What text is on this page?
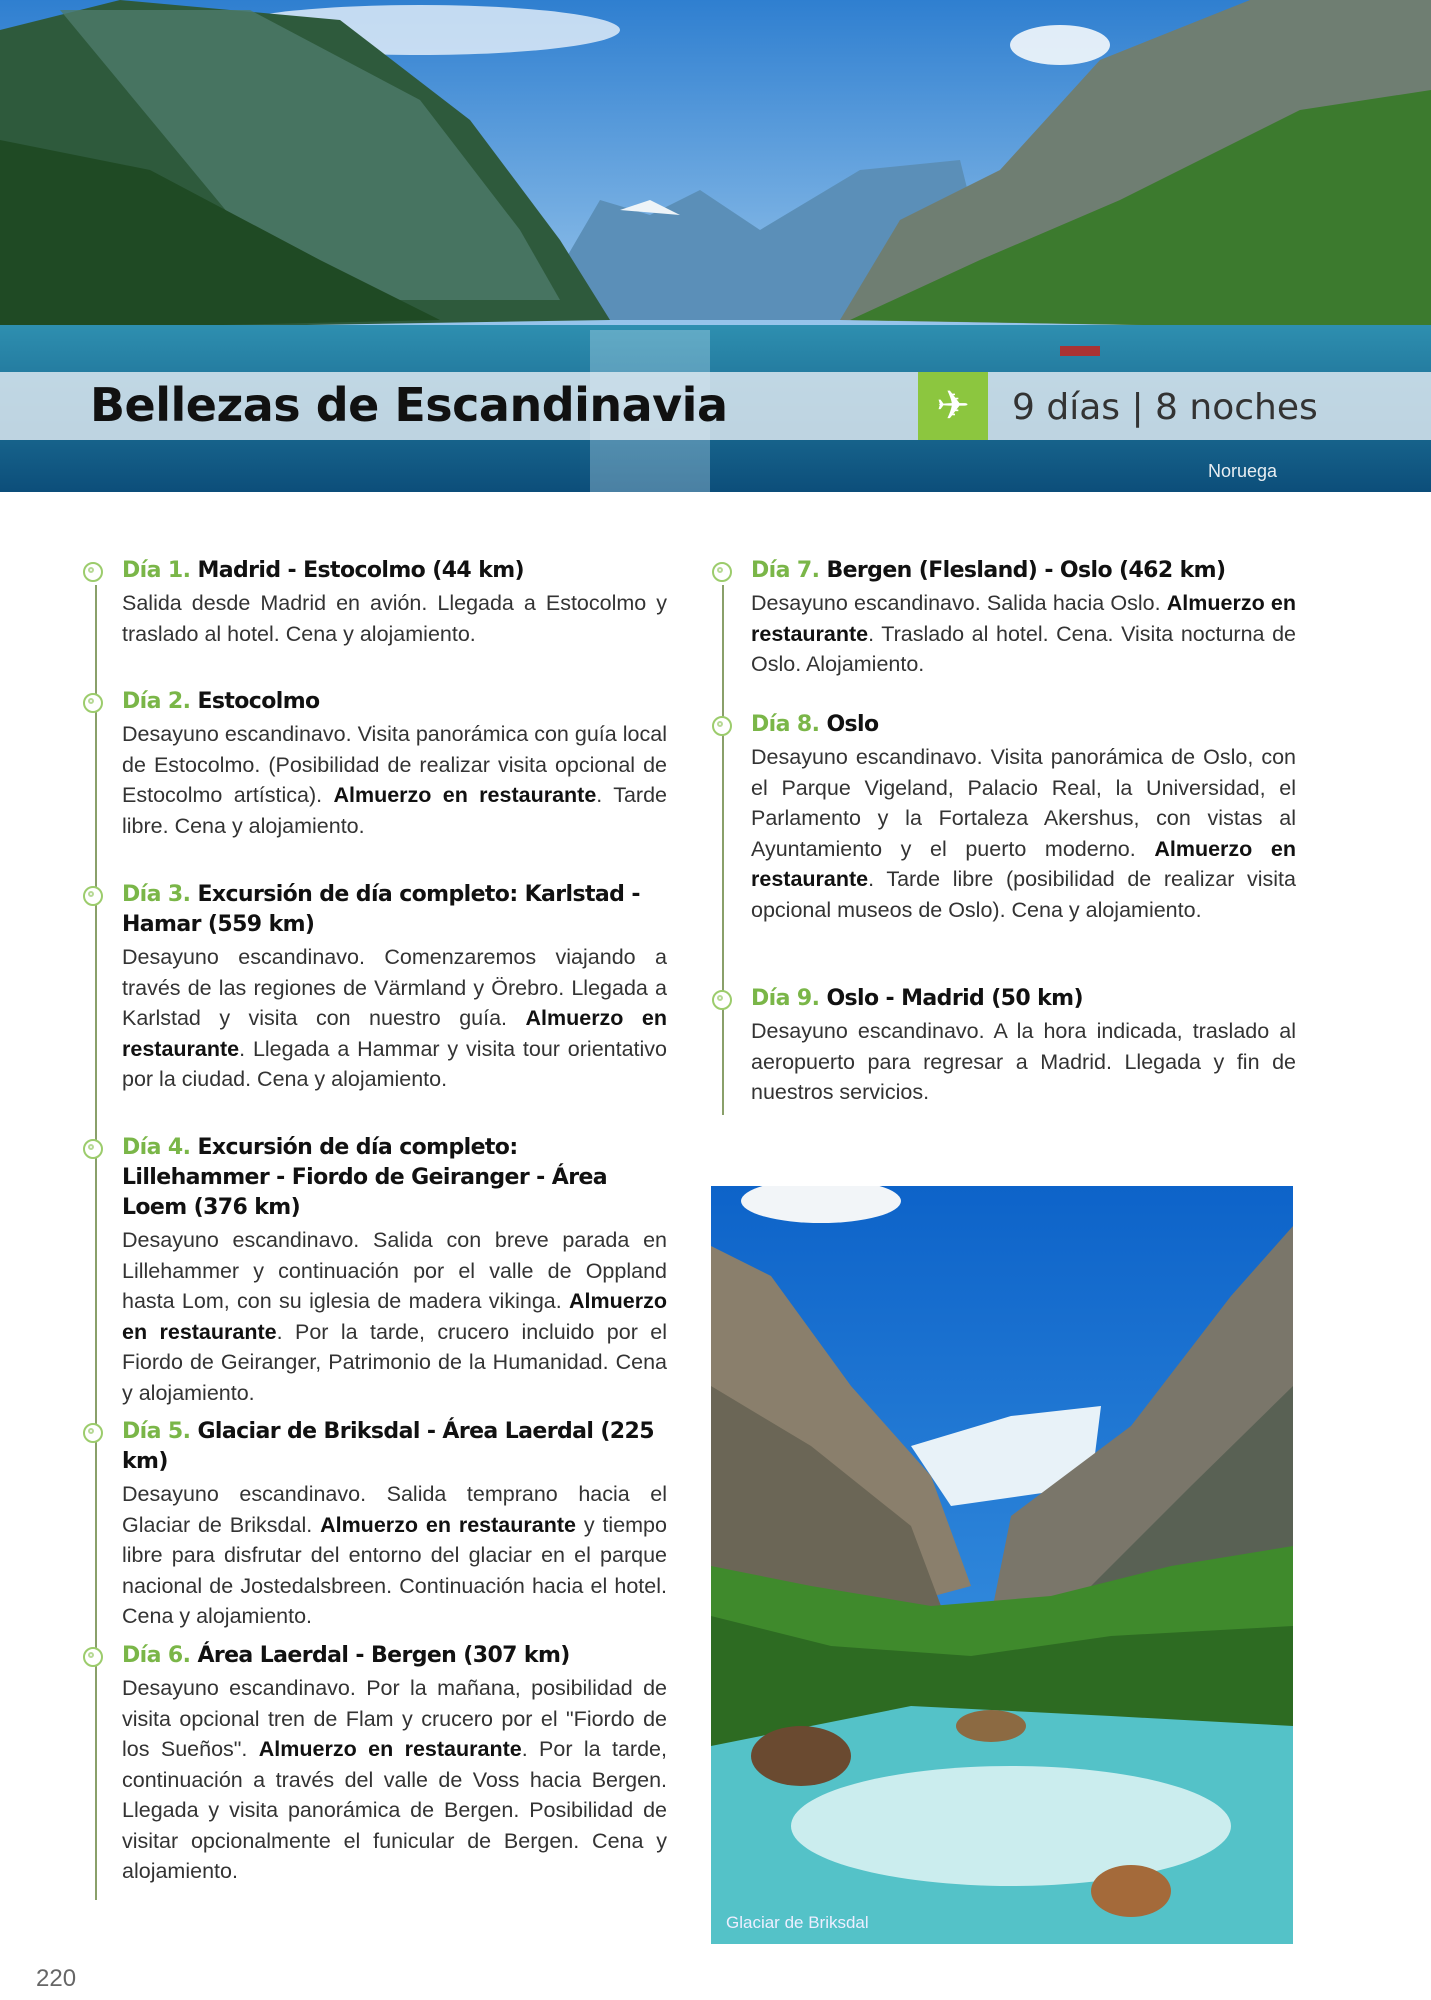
Bellezas de Escandinavia	✈	9 días | 8 noches
Noruega
Día 1. Madrid - Estocolmo (44 km)
Salida desde Madrid en avión. Llegada a Estocolmo y traslado al hotel. Cena y alojamiento.
Día 2. Estocolmo
Desayuno escandinavo. Visita panorámica con guía local de Estocolmo. (Posibilidad de realizar visita opcional de Estocolmo artística). Almuerzo en restaurante. Tarde libre. Cena y alojamiento.
Día 3. Excursión de día completo: Karlstad - Hamar (559 km)
Desayuno escandinavo. Comenzaremos viajando a través de las regiones de Värmland y Örebro. Llegada a Karlstad y visita con nuestro guía. Almuerzo en restaurante. Llegada a Hammar y visita tour orientativo por la ciudad. Cena y alojamiento.
Día 4. Excursión de día completo: Lillehammer - Fiordo de Geiranger - Área Loem (376 km)
Desayuno escandinavo. Salida con breve parada en Lillehammer y continuación por el valle de Oppland hasta Lom, con su iglesia de madera vikinga. Almuerzo en restaurante. Por la tarde, crucero incluido por el Fiordo de Geiranger, Patrimonio de la Humanidad. Cena y alojamiento.
Día 5. Glaciar de Briksdal - Área Laerdal (225 km)
Desayuno escandinavo. Salida temprano hacia el Glaciar de Briksdal. Almuerzo en restaurante y tiempo libre para disfrutar del entorno del glaciar en el parque nacional de Jostedalsbreen. Continuación hacia el hotel. Cena y alojamiento.
Día 6. Área Laerdal - Bergen (307 km)
Desayuno escandinavo. Por la mañana, posibilidad de visita opcional tren de Flam y crucero por el "Fiordo de los Sueños". Almuerzo en restaurante. Por la tarde, continuación a través del valle de Voss hacia Bergen. Llegada y visita panorámica de Bergen. Posibilidad de visitar opcionalmente el funicular de Bergen. Cena y alojamiento.
Día 7. Bergen (Flesland) - Oslo (462 km)
Desayuno escandinavo. Salida hacia Oslo. Almuerzo en restaurante. Traslado al hotel. Cena. Visita nocturna de Oslo. Alojamiento.
Día 8. Oslo
Desayuno escandinavo. Visita panorámica de Oslo, con el Parque Vigeland, Palacio Real, la Universidad, el Parlamento y la Fortaleza Akershus, con vistas al Ayuntamiento y el puerto moderno. Almuerzo en restaurante. Tarde libre (posibilidad de realizar visita opcional museos de Oslo). Cena y alojamiento.
Día 9. Oslo - Madrid (50 km)
Desayuno escandinavo. A la hora indicada, traslado al aeropuerto para regresar a Madrid. Llegada y fin de nuestros servicios.
Glaciar de Briksdal
220
